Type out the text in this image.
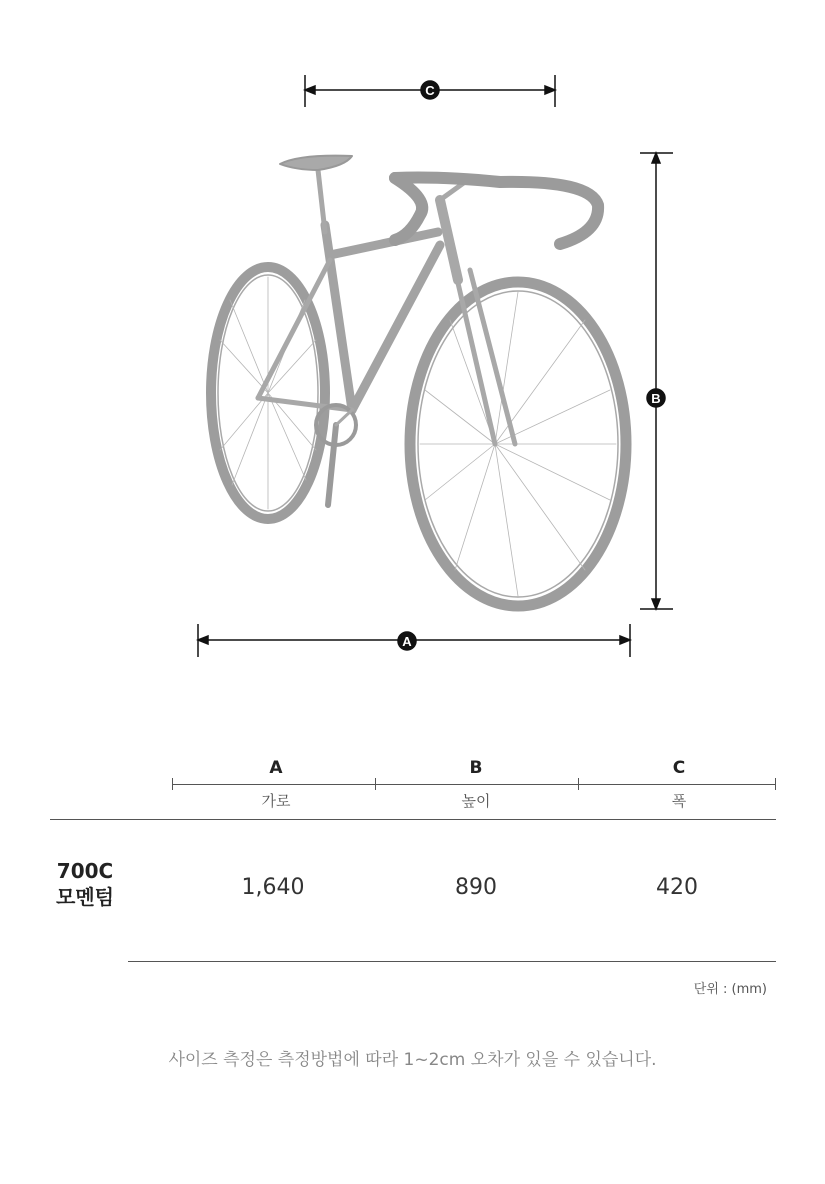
C
B
A
A	B	C
가로	높이	폭
700C
모멘텀	1,640	890	420
단위 : (mm)
사이즈 측정은 측정방법에 따라 1~2cm 오차가 있을 수 있습니다.
